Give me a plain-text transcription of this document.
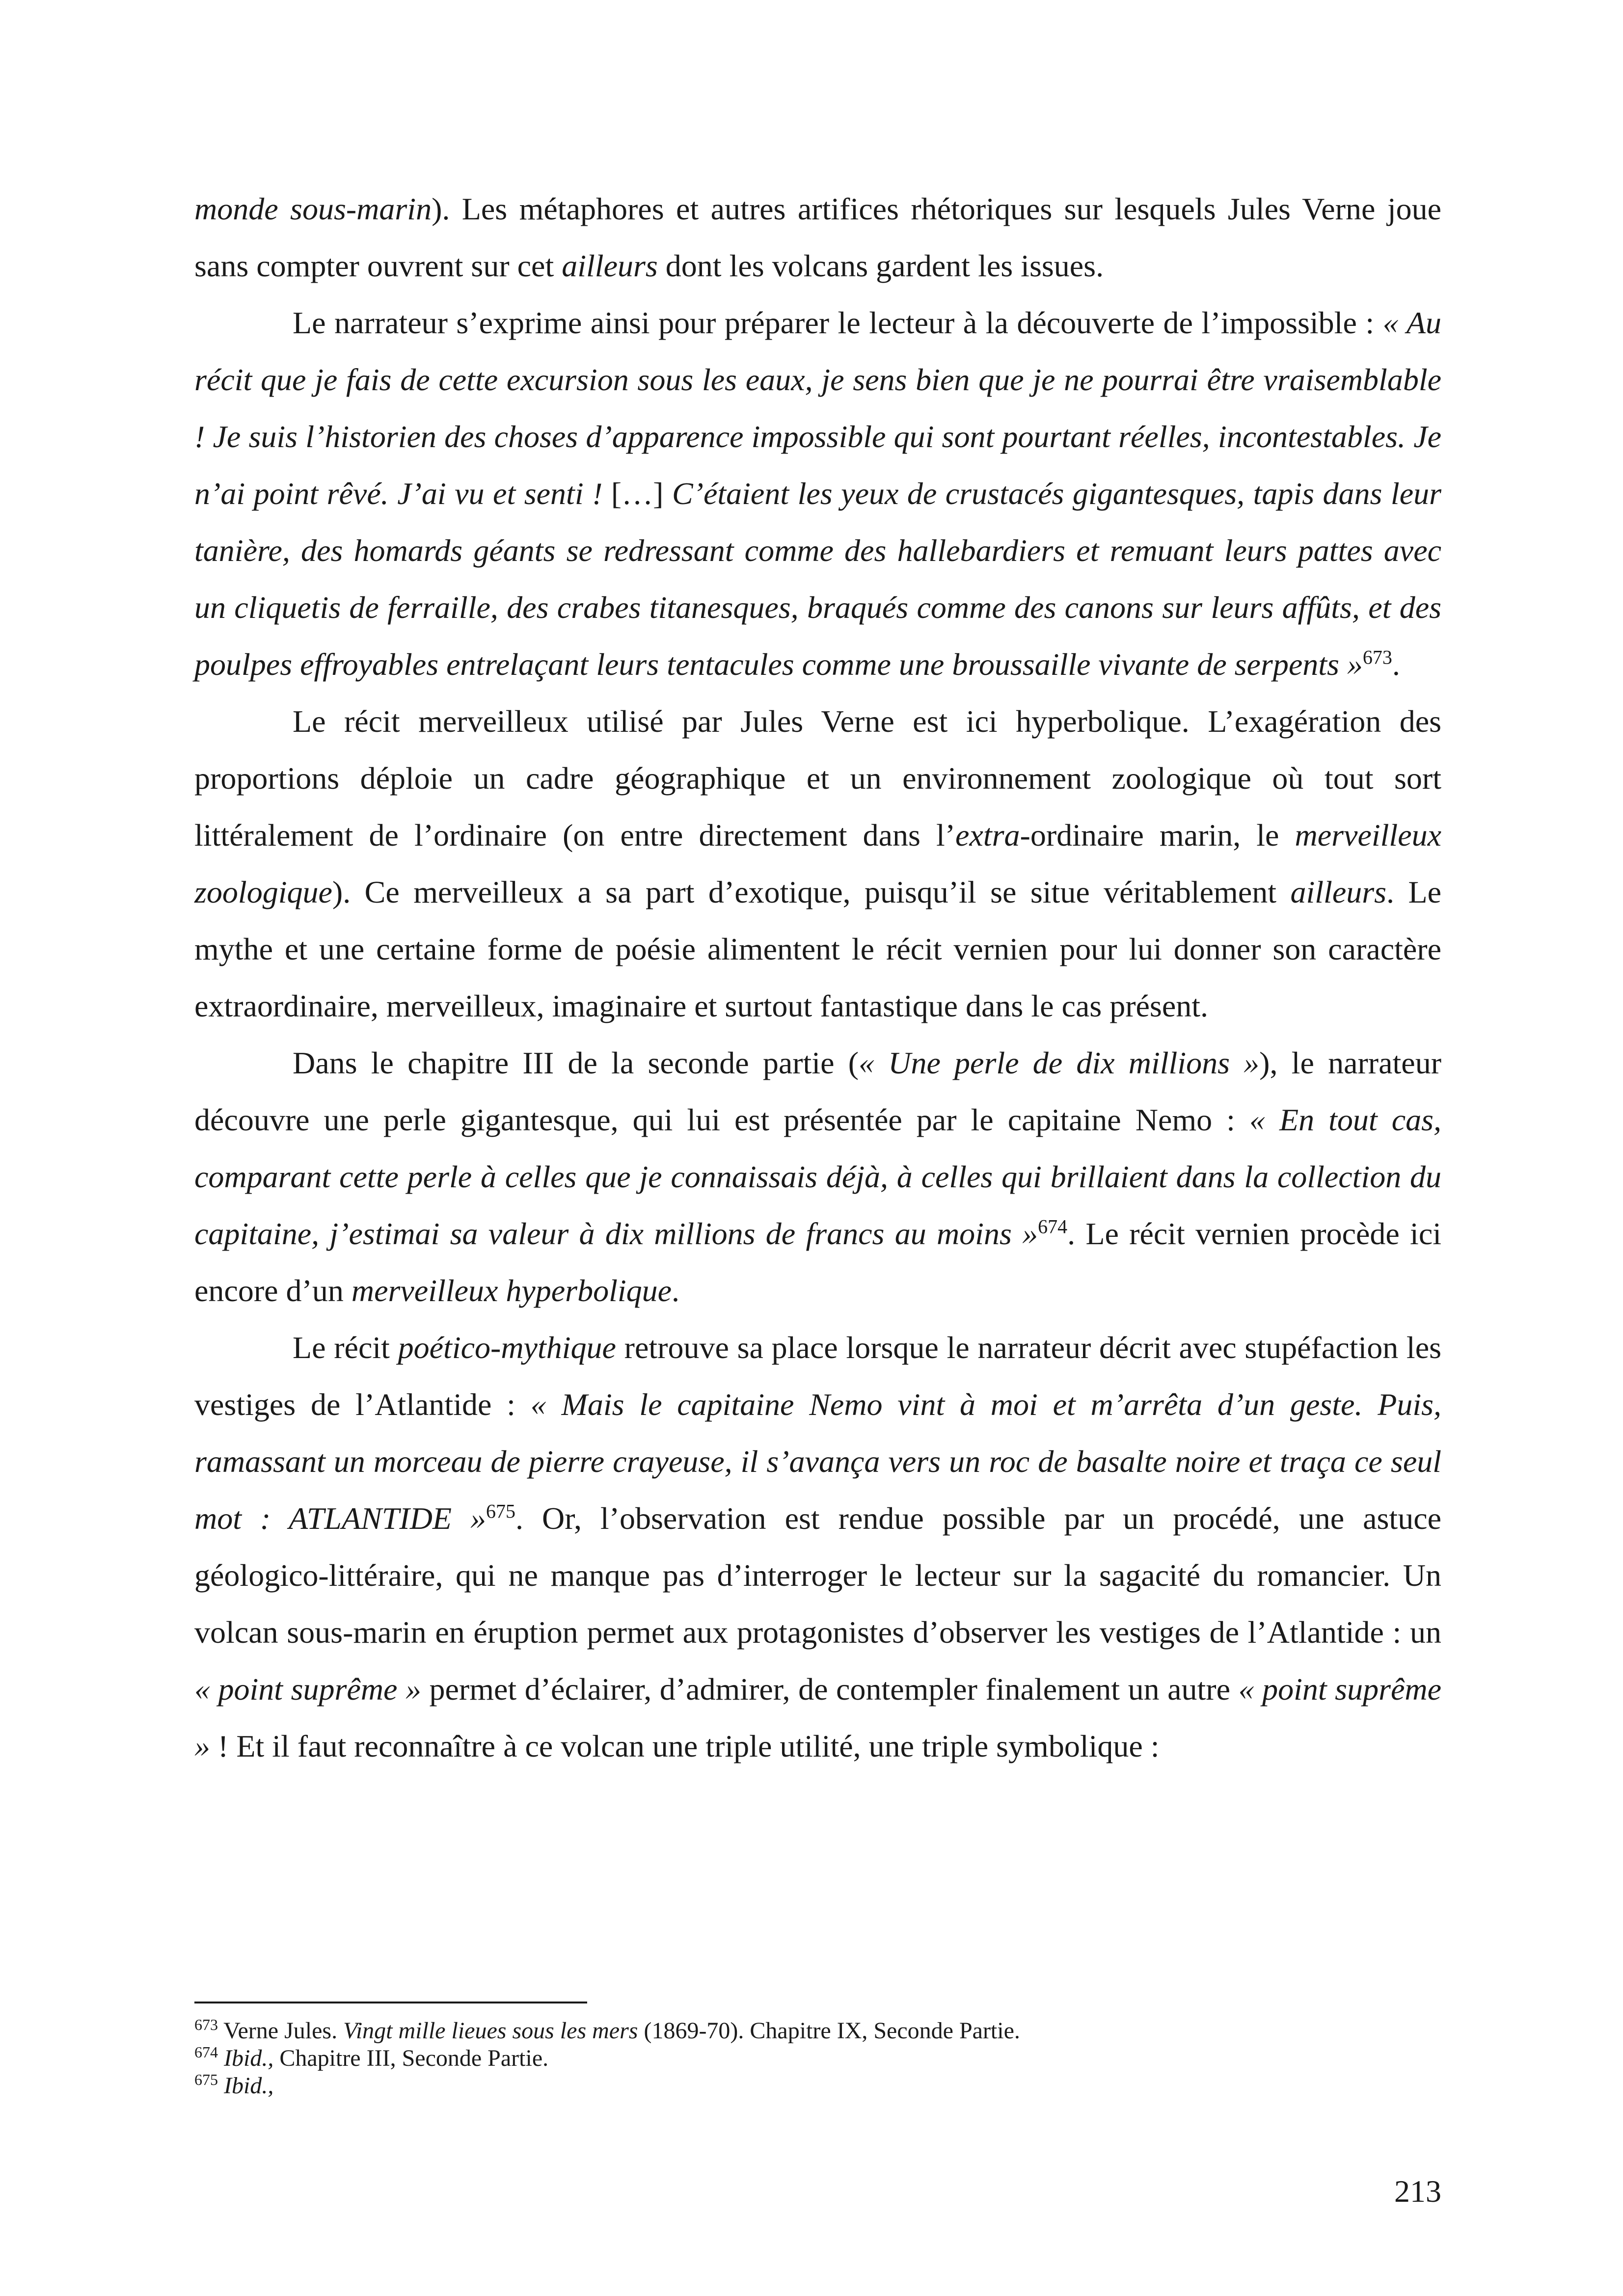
monde sous-marin). Les métaphores et autres artifices rhétoriques sur lesquels Jules Verne joue sans compter ouvrent sur cet ailleurs dont les volcans gardent les issues.

Le narrateur s’exprime ainsi pour préparer le lecteur à la découverte de l’impossible : « Au récit que je fais de cette excursion sous les eaux, je sens bien que je ne pourrai être vraisemblable ! Je suis l’historien des choses d’apparence impossible qui sont pourtant réelles, incontestables. Je n’ai point rêvé. J’ai vu et senti ! […] C’étaient les yeux de crustacés gigantesques, tapis dans leur tanière, des homards géants se redressant comme des hallebardiers et remuant leurs pattes avec un cliquetis de ferraille, des crabes titanesques, braqués comme des canons sur leurs affûts, et des poulpes effroyables entrelaçant leurs tentacules comme une broussaille vivante de serpents »$^{673}$.

Le récit merveilleux utilisé par Jules Verne est ici hyperbolique. L’exagération des proportions déploie un cadre géographique et un environnement zoologique où tout sort littéralement de l’ordinaire (on entre directement dans l’extra-ordinaire marin, le merveilleux zoologique). Ce merveilleux a sa part d’exotique, puisqu’il se situe véritablement ailleurs. Le mythe et une certaine forme de poésie alimentent le récit vernien pour lui donner son caractère extraordinaire, merveilleux, imaginaire et surtout fantastique dans le cas présent.

Dans le chapitre III de la seconde partie (« Une perle de dix millions »), le narrateur découvre une perle gigantesque, qui lui est présentée par le capitaine Nemo : « En tout cas, comparant cette perle à celles que je connaissais déjà, à celles qui brillaient dans la collection du capitaine, j’estimai sa valeur à dix millions de francs au moins »$^{674}$. Le récit vernien procède ici encore d’un merveilleux hyperbolique.

Le récit poético-mythique retrouve sa place lorsque le narrateur décrit avec stupéfaction les vestiges de l’Atlantide : « Mais le capitaine Nemo vint à moi et m’arrêta d’un geste. Puis, ramassant un morceau de pierre crayeuse, il s’avança vers un roc de basalte noire et traça ce seul mot : ATLANTIDE »$^{675}$. Or, l’observation est rendue possible par un procédé, une astuce géologico-littéraire, qui ne manque pas d’interroger le lecteur sur la sagacité du romancier. Un volcan sous-marin en éruption permet aux protagonistes d’observer les vestiges de l’Atlantide : un « point suprême » permet d’éclairer, d’admirer, de contempler finalement un autre « point suprême » ! Et il faut reconnaître à ce volcan une triple utilité, une triple symbolique :

$^{673}$ Verne Jules. Vingt mille lieues sous les mers (1869-70). Chapitre IX, Seconde Partie.

$^{674}$ Ibid., Chapitre III, Seconde Partie.

$^{675}$ Ibid.,

213
